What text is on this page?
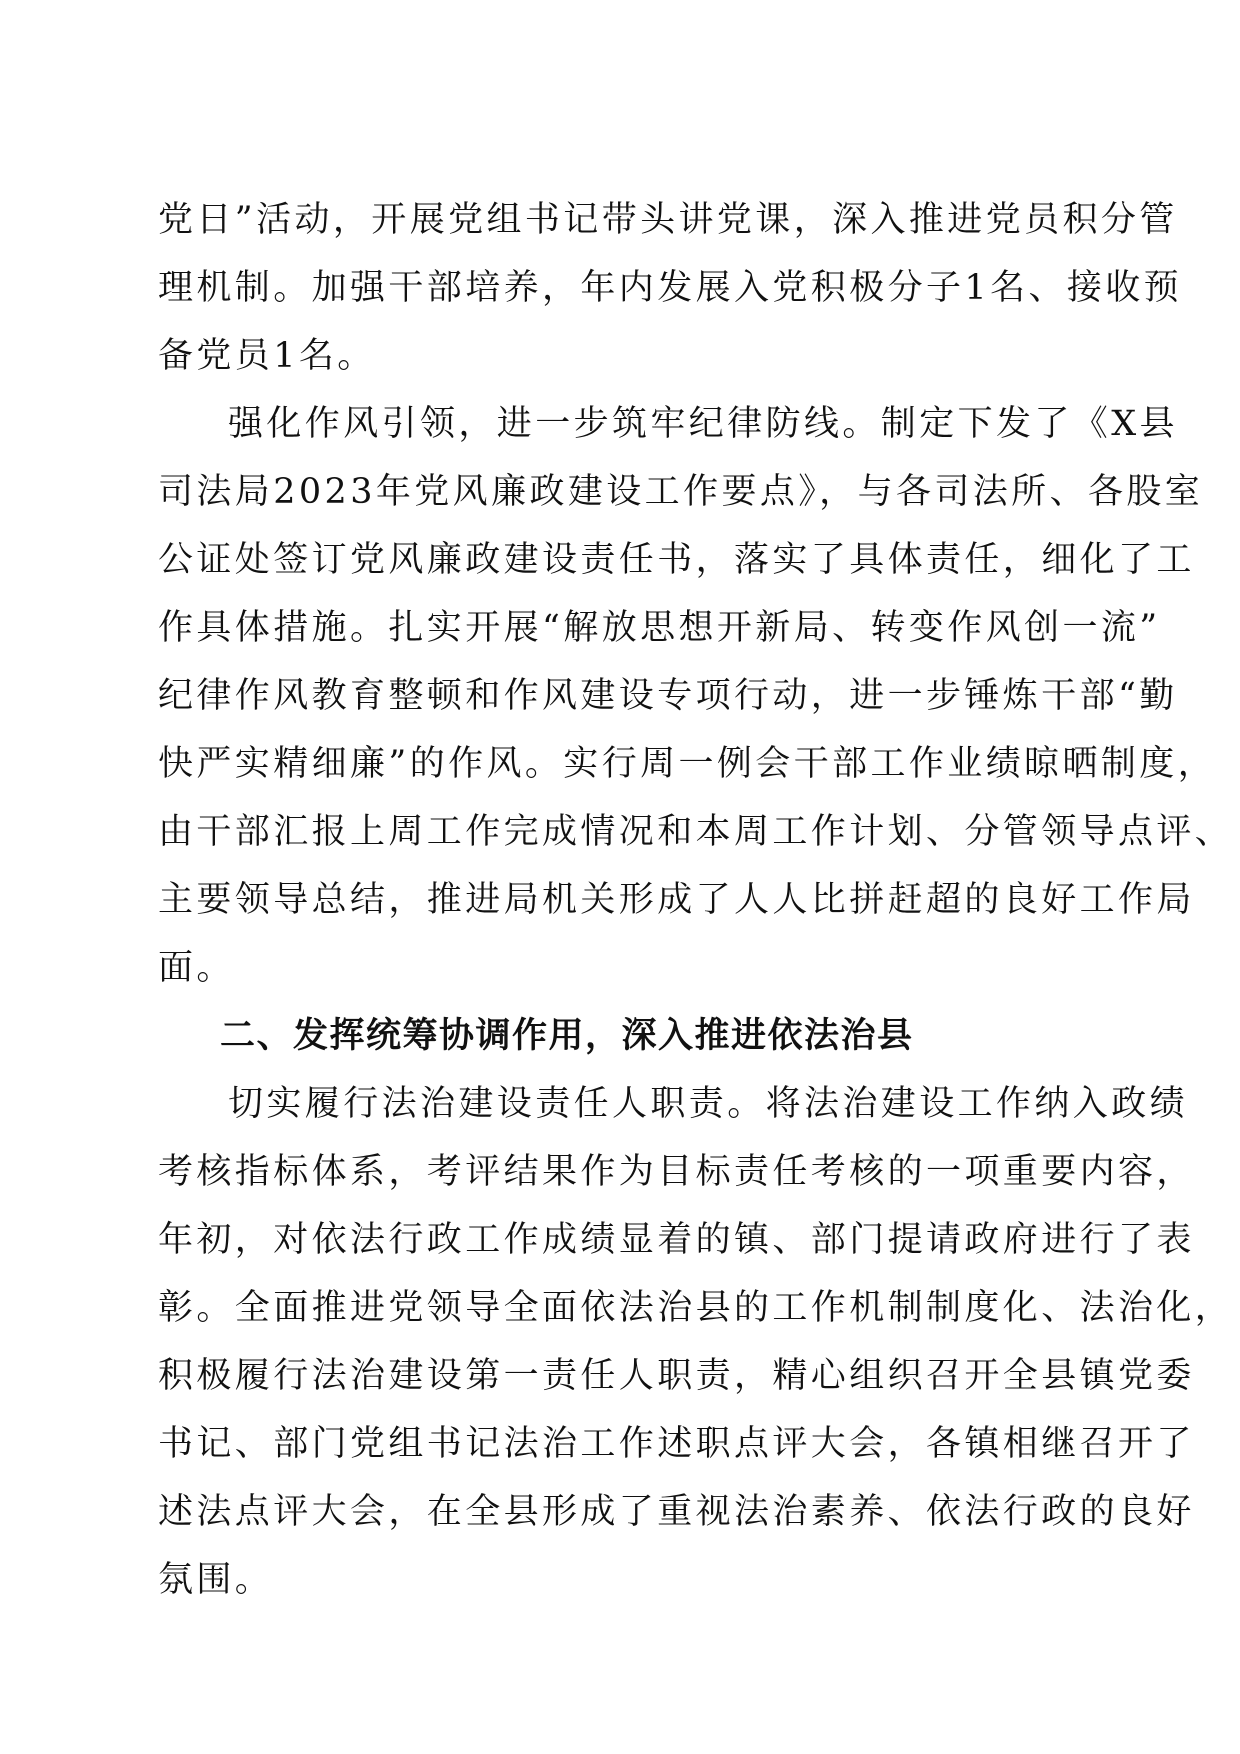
党日”活动，开展党组书记带头讲党课，深入推进党员积分管
理机制。加强干部培养，年内发展入党积极分子1名、接收预
备党员1名。
强化作风引领，进一步筑牢纪律防线。制定下发了《X县
司法局2023年党风廉政建设工作要点》，与各司法所、各股室
公证处签订党风廉政建设责任书，落实了具体责任，细化了工
作具体措施。扎实开展“解放思想开新局、转变作风创一流”
纪律作风教育整顿和作风建设专项行动，进一步锤炼干部“勤
快严实精细廉”的作风。实行周一例会干部工作业绩晾晒制度，
由干部汇报上周工作完成情况和本周工作计划、分管领导点评、
主要领导总结，推进局机关形成了人人比拼赶超的良好工作局
面。
二、发挥统筹协调作用，深入推进依法治县
切实履行法治建设责任人职责。将法治建设工作纳入政绩
考核指标体系，考评结果作为目标责任考核的一项重要内容，
年初，对依法行政工作成绩显着的镇、部门提请政府进行了表
彰。全面推进党领导全面依法治县的工作机制制度化、法治化，
积极履行法治建设第一责任人职责，精心组织召开全县镇党委
书记、部门党组书记法治工作述职点评大会，各镇相继召开了
述法点评大会，在全县形成了重视法治素养、依法行政的良好
氛围。
